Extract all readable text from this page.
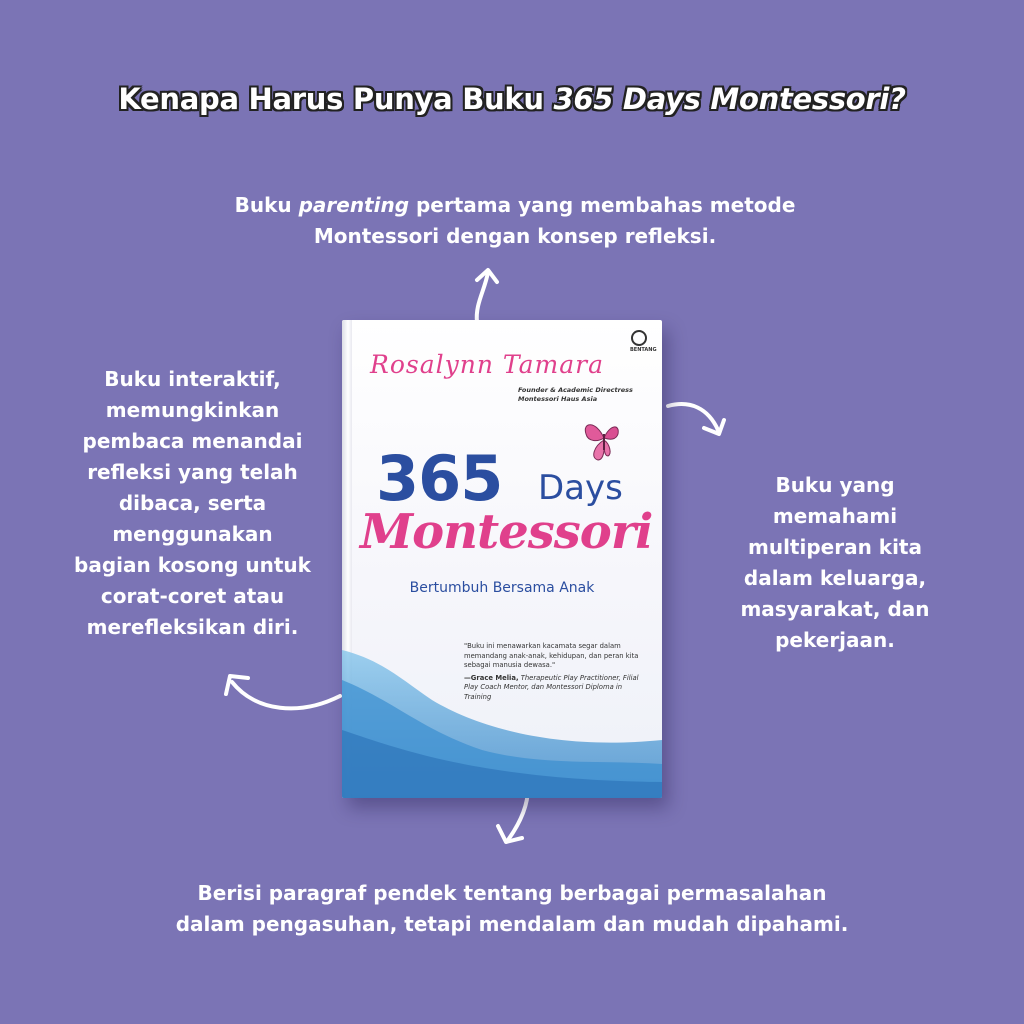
Kenapa Harus Punya Buku 365 Days Montessori?
Buku parenting pertama yang membahas metode
Montessori dengan konsep refleksi.
Buku interaktif,
memungkinkan
pembaca menandai
refleksi yang telah
dibaca, serta
menggunakan
bagian kosong untuk
corat-coret atau
merefleksikan diri.
Buku yang
memahami
multiperan kita
dalam keluarga,
masyarakat, dan
pekerjaan.
Berisi paragraf pendek tentang berbagai permasalahan
dalam pengasuhan, tetapi mendalam dan mudah dipahami.
BENTANG
Rosalynn Tamara
Founder & Academic Directress
Montessori Haus Asia
365 Days
Montessori
Bertumbuh Bersama Anak
"Buku ini menawarkan kacamata segar dalam memandang anak-anak, kehidupan, dan peran kita sebagai manusia dewasa."
—Grace Melia, Therapeutic Play Practitioner, Filial Play Coach Mentor, dan Montessori Diploma in Training
